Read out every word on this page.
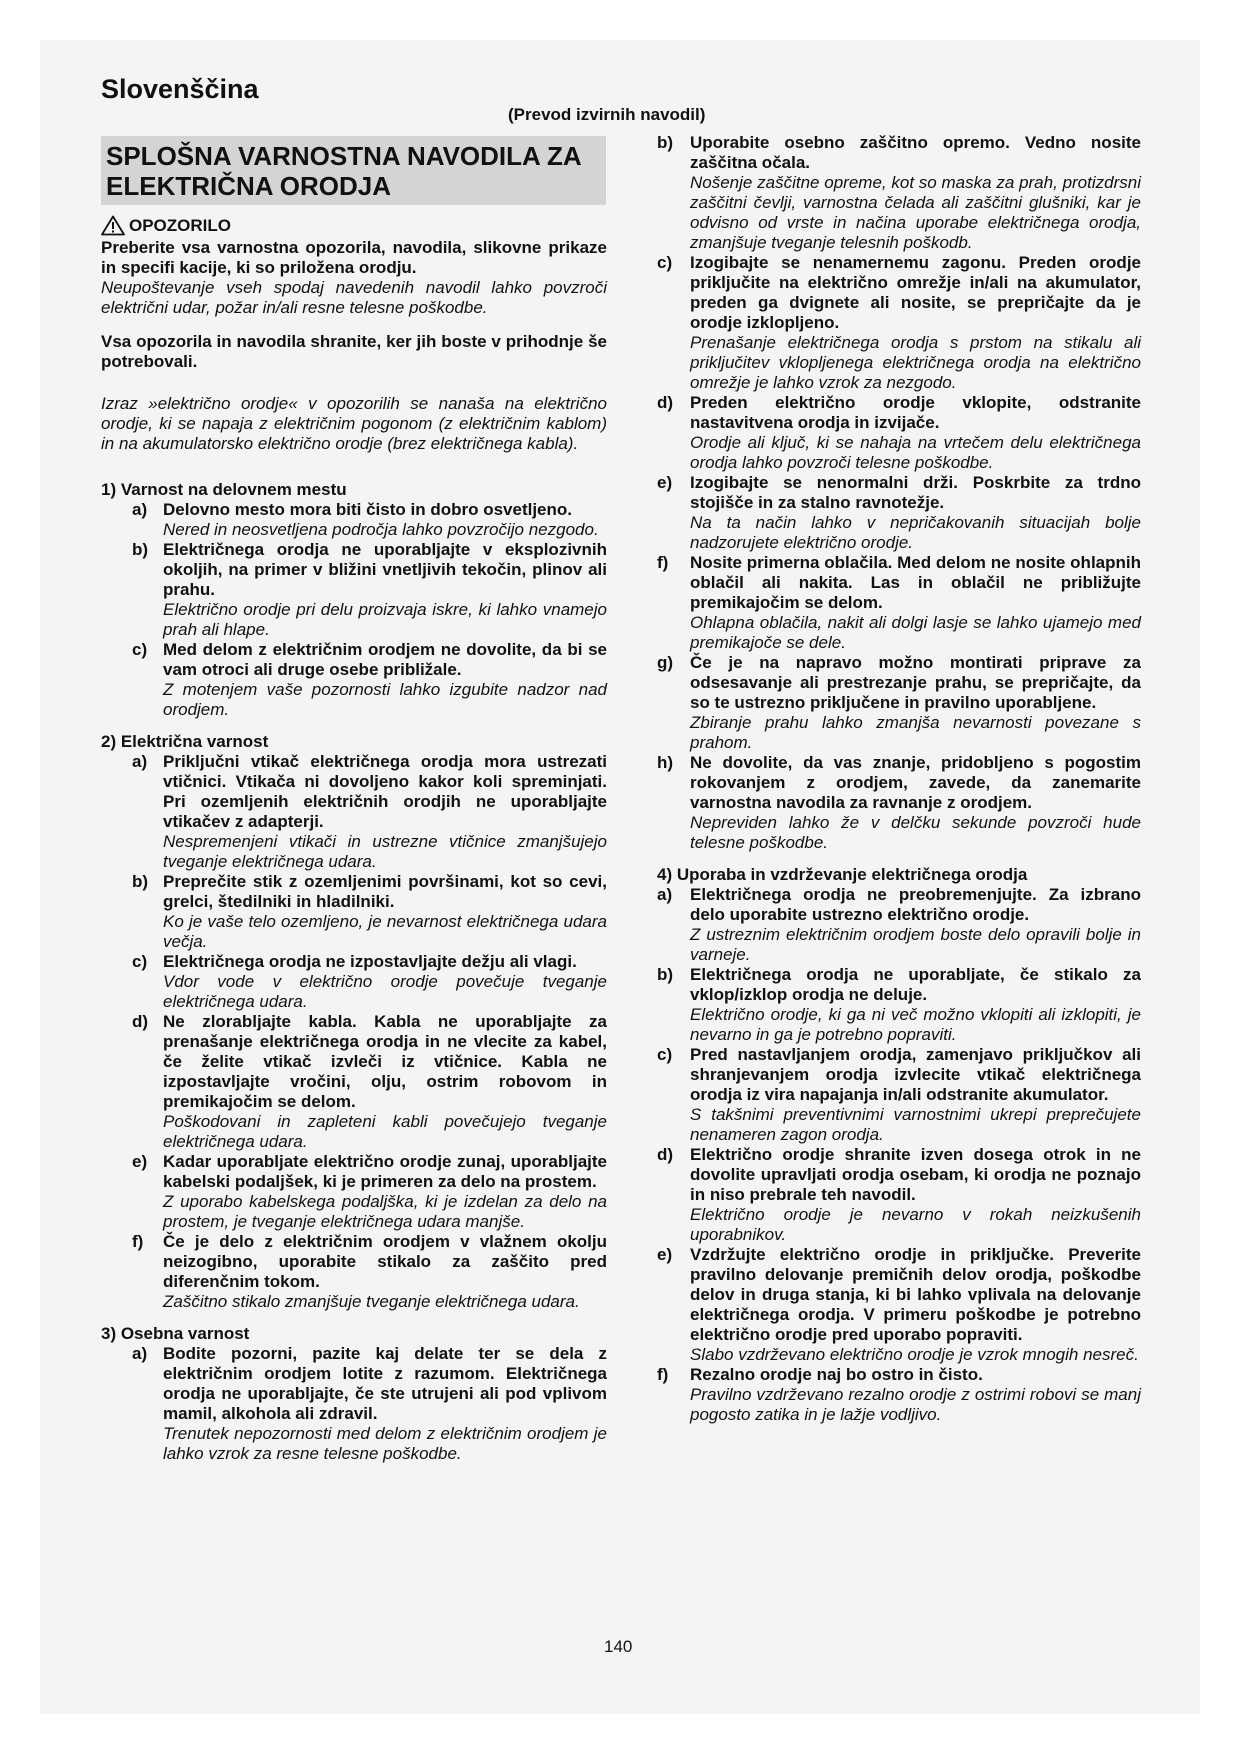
Slovenščina
(Prevod izvirnih navodil)
SPLOŠNA VARNOSTNA NAVODILA ZA ELEKTRIČNA ORODJA
OPOZORILO
Preberite vsa varnostna opozorila, navodila, slikovne prikaze in specifi kacije, ki so priložena orodju.
Neupoštevanje vseh spodaj navedenih navodil lahko povzroči električni udar, požar in/ali resne telesne poškodbe.
Vsa opozorila in navodila shranite, ker jih boste v prihodnje še potrebovali.
Izraz »električno orodje« v opozorilih se nanaša na električno orodje, ki se napaja z električnim pogonom (z električnim kablom) in na akumulatorsko električno orodje (brez električnega kabla).
1) Varnost na delovnem mestu
a) Delovno mesto mora biti čisto in dobro osvetljeno.
Nered in neosvetljena področja lahko povzročijo nezgodo.
b) Električnega orodja ne uporabljajte v eksplozivnih okoljih, na primer v bližini vnetljivih tekočin, plinov ali prahu.
Električno orodje pri delu proizvaja iskre, ki lahko vnamejo prah ali hlape.
c) Med delom z električnim orodjem ne dovolite, da bi se vam otroci ali druge osebe približale.
Z motenjem vaše pozornosti lahko izgubite nadzor nad orodjem.
2) Električna varnost
a) Priključni vtikač električnega orodja mora ustrezati vtičnici. Vtikača ni dovoljeno kakor koli spreminjati. Pri ozemljenih električnih orodjih ne uporabljajte vtikačev z adapterji.
Nespremenjeni vtikači in ustrezne vtičnice zmanjšujejo tveganje električnega udara.
b) Preprečite stik z ozemljenimi površinami, kot so cevi, grelci, štedilniki in hladilniki.
Ko je vaše telo ozemljeno, je nevarnost električnega udara večja.
c) Električnega orodja ne izpostavljajte dežju ali vlagi.
Vdor vode v električno orodje povečuje tveganje električnega udara.
d) Ne zlorabljajte kabla. Kabla ne uporabljajte za prenašanje električnega orodja in ne vlecite za kabel, če želite vtikač izvleči iz vtičnice. Kabla ne izpostavljajte vročini, olju, ostrim robovom in premikajočim se delom.
Poškodovani in zapleteni kabli povečujejo tveganje električnega udara.
e) Kadar uporabljate električno orodje zunaj, uporabljajte kabelski podaljšek, ki je primeren za delo na prostem.
Z uporabo kabelskega podaljška, ki je izdelan za delo na prostem, je tveganje električnega udara manjše.
f)	Če je delo z električnim orodjem v vlažnem okolju neizogibno, uporabite stikalo za zaščito pred diferenčnim tokom.
Zaščitno stikalo zmanjšuje tveganje električnega udara.
3) Osebna varnost
a) Bodite pozorni, pazite kaj delate ter se dela z električnim orodjem lotite z razumom. Električnega orodja ne uporabljajte, če ste utrujeni ali pod vplivom mamil, alkohola ali zdravil.
Trenutek nepozornosti med delom z električnim orodjem je lahko vzrok za resne telesne poškodbe.
b) Uporabite osebno zaščitno opremo. Vedno nosite zaščitna očala.
Nošenje zaščitne opreme, kot so maska za prah, protizdrsni zaščitni čevlji, varnostna čelada ali zaščitni glušniki, kar je odvisno od vrste in načina uporabe električnega orodja, zmanjšuje tveganje telesnih poškodb.
c)	Izogibajte se nenamernemu zagonu. Preden orodje priključite na električno omrežje in/ali na akumulator, preden ga dvignete ali nosite, se prepričajte da je orodje izklopljeno.
Prenašanje električnega orodja s prstom na stikalu ali priključitev vklopljenega električnega orodja na električno omrežje je lahko vzrok za nezgodo.
d) Preden električno orodje vklopite, odstranite nastavitvena orodja in izvijače.
Orodje ali ključ, ki se nahaja na vrtečem delu električnega orodja lahko povzroči telesne poškodbe.
e)	Izogibajte se nenormalni drži. Poskrbite za trdno stojišče in za stalno ravnotežje.
Na ta način lahko v nepričakovanih situacijah bolje nadzorujete električno orodje.
f)	Nosite primerna oblačila. Med delom ne nosite ohlapnih oblačil ali nakita. Las in oblačil ne približujte premikajočim se delom.
Ohlapna oblačila, nakit ali dolgi lasje se lahko ujamejo med premikajoče se dele.
g) Če je na napravo možno montirati priprave za odsesavanje ali prestrezanje prahu, se prepričajte, da so te ustrezno priključene in pravilno uporabljene.
Zbiranje prahu lahko zmanjša nevarnosti povezane s prahom.
h) Ne dovolite, da vas znanje, pridobljeno s pogostim rokovanjem z orodjem, zavede, da zanemarite varnostna navodila za ravnanje z orodjem.
Nepreviden lahko že v delčku sekunde povzroči hude telesne poškodbe.
4) Uporaba in vzdrževanje električnega orodja
a)	Električnega orodja ne preobremenjujte. Za izbrano delo uporabite ustrezno električno orodje.
Z ustreznim električnim orodjem boste delo opravili bolje in varneje.
b) Električnega orodja ne uporabljate, če stikalo za vklop/izklop orodja ne deluje.
Električno orodje, ki ga ni več možno vklopiti ali izklopiti, je nevarno in ga je potrebno popraviti.
c)	Pred nastavljanjem orodja, zamenjavo priključkov ali shranjevanjem orodja izvlecite vtikač električnega orodja iz vira napajanja in/ali odstranite akumulator.
S takšnimi preventivnimi varnostnimi ukrepi preprečujete nenameren zagon orodja.
d) Električno orodje shranite izven dosega otrok in ne dovolite upravljati orodja osebam, ki orodja ne poznajo in niso prebrale teh navodil.
Električno orodje je nevarno v rokah neizkušenih uporabnikov.
e)	Vzdržujte električno orodje in priključke. Preverite pravilno delovanje premičnih delov orodja, poškodbe delov in druga stanja, ki bi lahko vplivala na delovanje električnega orodja. V primeru poškodbe je potrebno električno orodje pred uporabo popraviti.
Slabo vzdrževano električno orodje je vzrok mnogih nesreč.
f)	Rezalno orodje naj bo ostro in čisto.
Pravilno vzdrževano rezalno orodje z ostrimi robovi se manj pogosto zatika in je lažje vodljivo.
140
